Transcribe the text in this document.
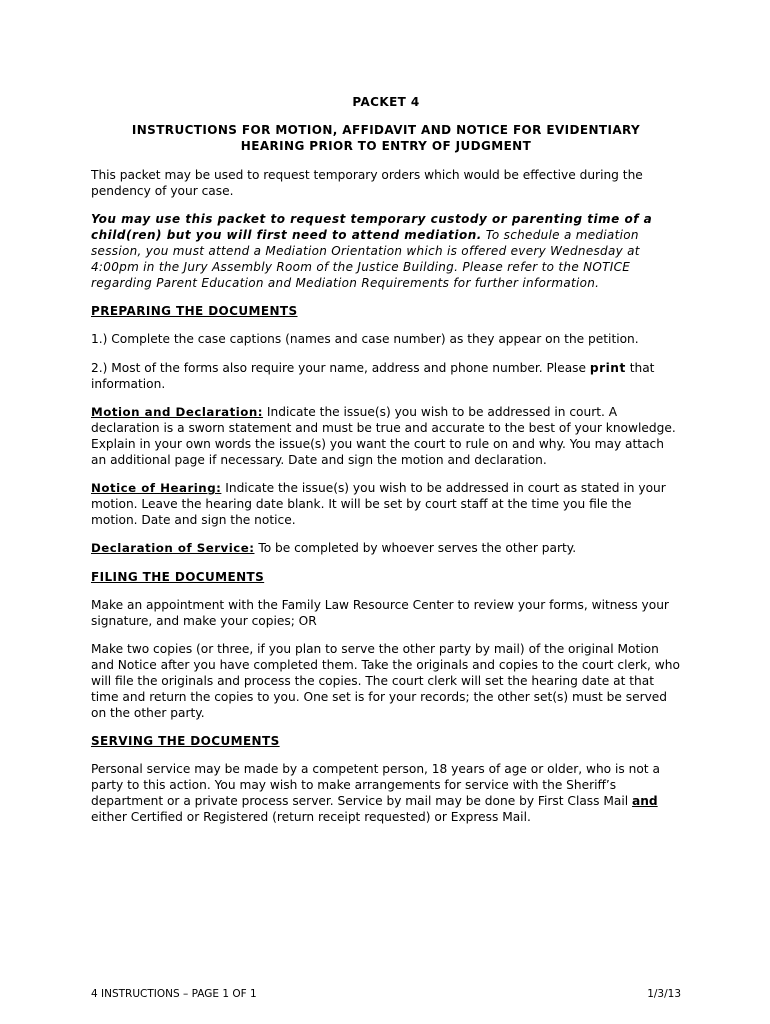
PACKET 4
INSTRUCTIONS FOR MOTION, AFFIDAVIT AND NOTICE FOR EVIDENTIARY
HEARING PRIOR TO ENTRY OF JUDGMENT
This packet may be used to request temporary orders which would be effective during the pendency of your case.
You may use this packet to request temporary custody or parenting time of a child(ren) but you will first need to attend mediation. To schedule a mediation session, you must attend a Mediation Orientation which is offered every Wednesday at 4:00pm in the Jury Assembly Room of the Justice Building. Please refer to the NOTICE regarding Parent Education and Mediation Requirements for further information.
PREPARING THE DOCUMENTS
1.) Complete the case captions (names and case number) as they appear on the petition.
2.) Most of the forms also require your name, address and phone number. Please print that information.
Motion and Declaration: Indicate the issue(s) you wish to be addressed in court. A declaration is a sworn statement and must be true and accurate to the best of your knowledge. Explain in your own words the issue(s) you want the court to rule on and why. You may attach an additional page if necessary. Date and sign the motion and declaration.
Notice of Hearing: Indicate the issue(s) you wish to be addressed in court as stated in your motion. Leave the hearing date blank. It will be set by court staff at the time you file the motion. Date and sign the notice.
Declaration of Service: To be completed by whoever serves the other party.
FILING THE DOCUMENTS
Make an appointment with the Family Law Resource Center to review your forms, witness your signature, and make your copies; OR
Make two copies (or three, if you plan to serve the other party by mail) of the original Motion and Notice after you have completed them. Take the originals and copies to the court clerk, who will file the originals and process the copies. The court clerk will set the hearing date at that time and return the copies to you. One set is for your records; the other set(s) must be served on the other party.
SERVING THE DOCUMENTS
Personal service may be made by a competent person, 18 years of age or older, who is not a party to this action. You may wish to make arrangements for service with the Sheriff’s department or a private process server. Service by mail may be done by First Class Mail and either Certified or Registered (return receipt requested) or Express Mail.
4 INSTRUCTIONS – PAGE 1 OF 1	1/3/13
